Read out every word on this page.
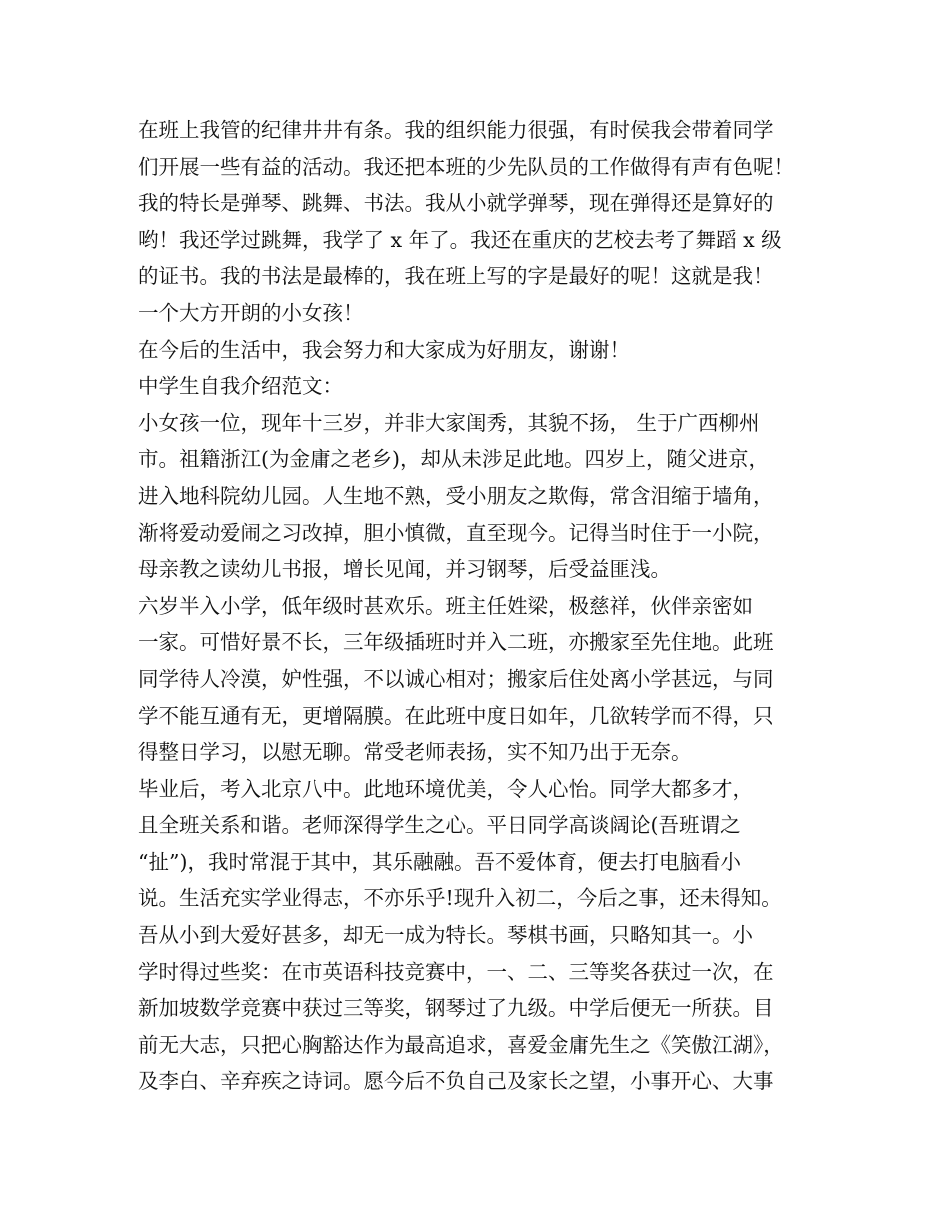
在班上我管的纪律井井有条。我的组织能力很强，有时侯我会带着同学
们开展一些有益的活动。我还把本班的少先队员的工作做得有声有色呢！
我的特长是弹琴、跳舞、书法。我从小就学弹琴，现在弹得还是算好的
哟！我还学过跳舞，我学了 x 年了。我还在重庆的艺校去考了舞蹈 x 级
的证书。我的书法是最棒的，我在班上写的字是最好的呢！这就是我！
一个大方开朗的小女孩！
在今后的生活中，我会努力和大家成为好朋友，谢谢！
中学生自我介绍范文：
小女孩一位，现年十三岁，并非大家闺秀，其貌不扬， 生于广西柳州
市。祖籍浙江(为金庸之老乡)，却从未涉足此地。四岁上，随父进京，
进入地科院幼儿园。人生地不熟，受小朋友之欺侮，常含泪缩于墙角，
渐将爱动爱闹之习改掉，胆小慎微，直至现今。记得当时住于一小院，
母亲教之读幼儿书报，增长见闻，并习钢琴，后受益匪浅。
六岁半入小学，低年级时甚欢乐。班主任姓梁，极慈祥，伙伴亲密如
一家。可惜好景不长，三年级插班时并入二班，亦搬家至先住地。此班
同学待人冷漠，妒性强，不以诚心相对；搬家后住处离小学甚远，与同
学不能互通有无，更增隔膜。在此班中度日如年，几欲转学而不得，只
得整日学习，以慰无聊。常受老师表扬，实不知乃出于无奈。
毕业后，考入北京八中。此地环境优美，令人心怡。同学大都多才，
且全班关系和谐。老师深得学生之心。平日同学高谈阔论(吾班谓之
“扯”)，我时常混于其中，其乐融融。吾不爱体育，便去打电脑看小
说。生活充实学业得志，不亦乐乎!现升入初二，今后之事，还未得知。
吾从小到大爱好甚多，却无一成为特长。琴棋书画，只略知其一。小
学时得过些奖：在市英语科技竞赛中，一、二、三等奖各获过一次，在
新加坡数学竞赛中获过三等奖，钢琴过了九级。中学后便无一所获。目
前无大志，只把心胸豁达作为最高追求，喜爱金庸先生之《笑傲江湖》，
及李白、辛弃疾之诗词。愿今后不负自己及家长之望，小事开心、大事
